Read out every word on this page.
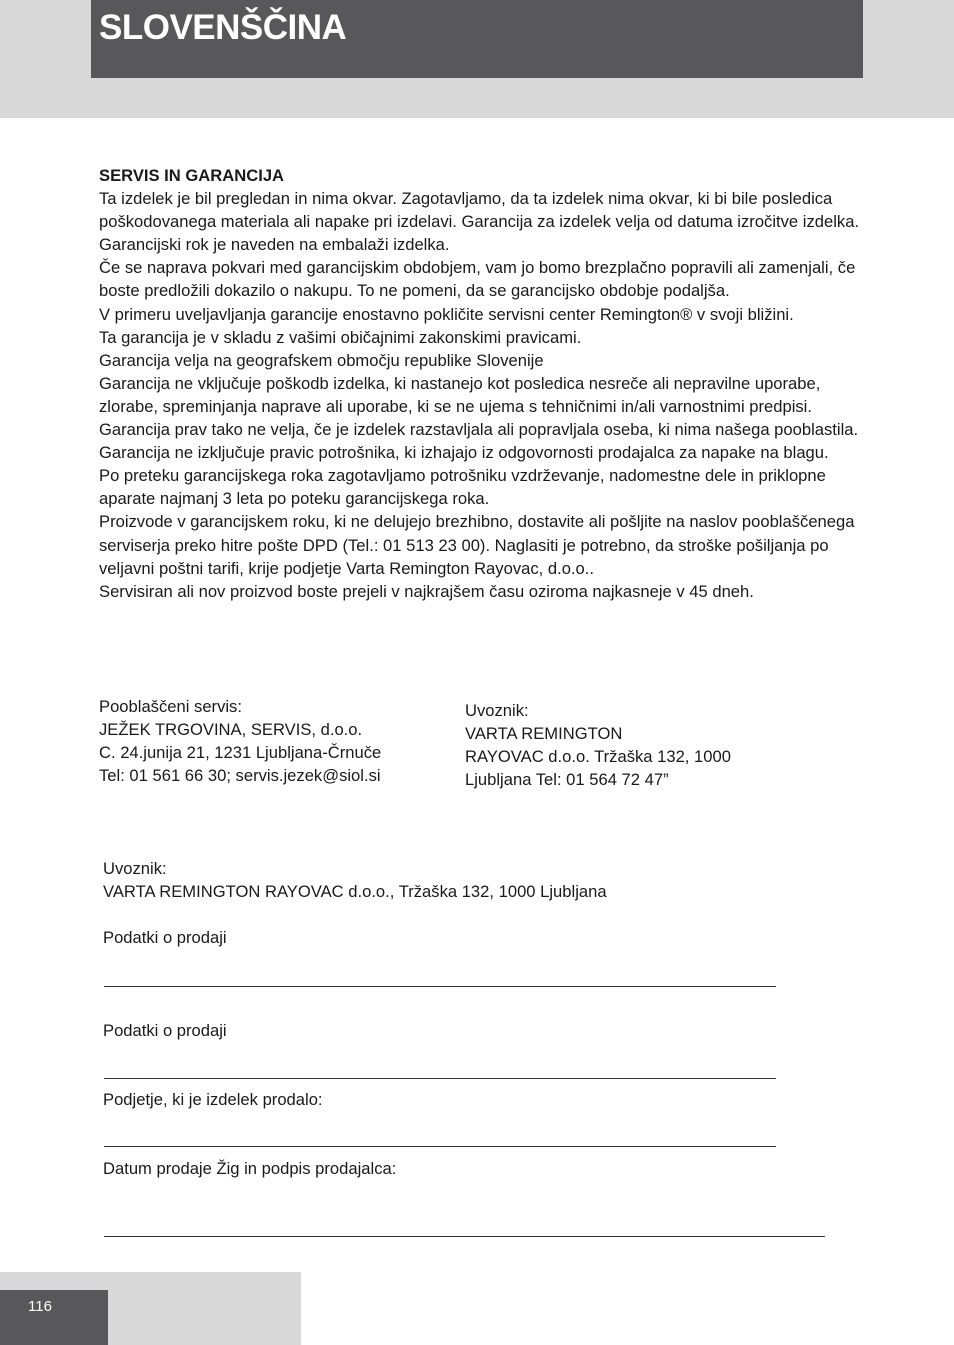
SLOVENŠČINA
SERVIS IN GARANCIJA

Ta izdelek je bil pregledan in nima okvar. Zagotavljamo, da ta izdelek nima okvar, ki bi bile posledica poškodovanega materiala ali napake pri izdelavi. Garancija za izdelek velja od datuma izročitve izdelka. Garancijski rok je naveden na embalaži izdelka.

Če se naprava pokvari med garancijskim obdobjem, vam jo bomo brezplačno popravili ali zamenjali, če boste predložili dokazilo o nakupu. To ne pomeni, da se garancijsko obdobje podaljša.

V primeru uveljavljanja garancije enostavno pokličite servisni center Remington® v svoji bližini.

Ta garancija je v skladu z vašimi običajnimi zakonskimi pravicami.

Garancija velja na geografskem območju republike Slovenije

Garancija ne vključuje poškodb izdelka, ki nastanejo kot posledica nesreče ali nepravilne uporabe, zlorabe, spreminjanja naprave ali uporabe, ki se ne ujema s tehničnimi in/ali varnostnimi predpisi. Garancija prav tako ne velja, če je izdelek razstavljala ali popravljala oseba, ki nima našega pooblastila.

Garancija ne izključuje pravic potrošnika, ki izhajajo iz odgovornosti prodajalca za napake na blagu.

Po preteku garancijskega roka zagotavljamo potrošniku vzdrževanje, nadomestne dele in priklopne aparate najmanj 3 leta po poteku garancijskega roka.

Proizvode v garancijskem roku, ki ne delujejo brezhibno, dostavite ali pošljite na naslov pooblaščenega serviserja preko hitre pošte DPD (Tel.: 01 513 23 00). Naglasiti je potrebno, da stroške pošiljanja po veljavni poštni tarifi, krije podjetje Varta Remington Rayovac, d.o.o..

Servisiran ali nov proizvod boste prejeli v najkrajšem času oziroma najkasneje v 45 dneh.

Pooblaščeni servis:

JEŽEK TRGOVINA, SERVIS, d.o.o.

C. 24.junija 21, 1231 Ljubljana-Črnuče

Tel: 01 561 66 30; servis.jezek@siol.si

Uvoznik:

VARTA REMINGTON

RAYOVAC d.o.o. Tržaška 132, 1000

Ljubljana Tel: 01 564 72 47”

Uvoznik:

VARTA REMINGTON RAYOVAC d.o.o., Tržaška 132, 1000 Ljubljana

Podatki o prodaji

Podatki o prodaji

Podjetje, ki je izdelek prodalo:

Datum prodaje Žig in podpis prodajalca:

116
